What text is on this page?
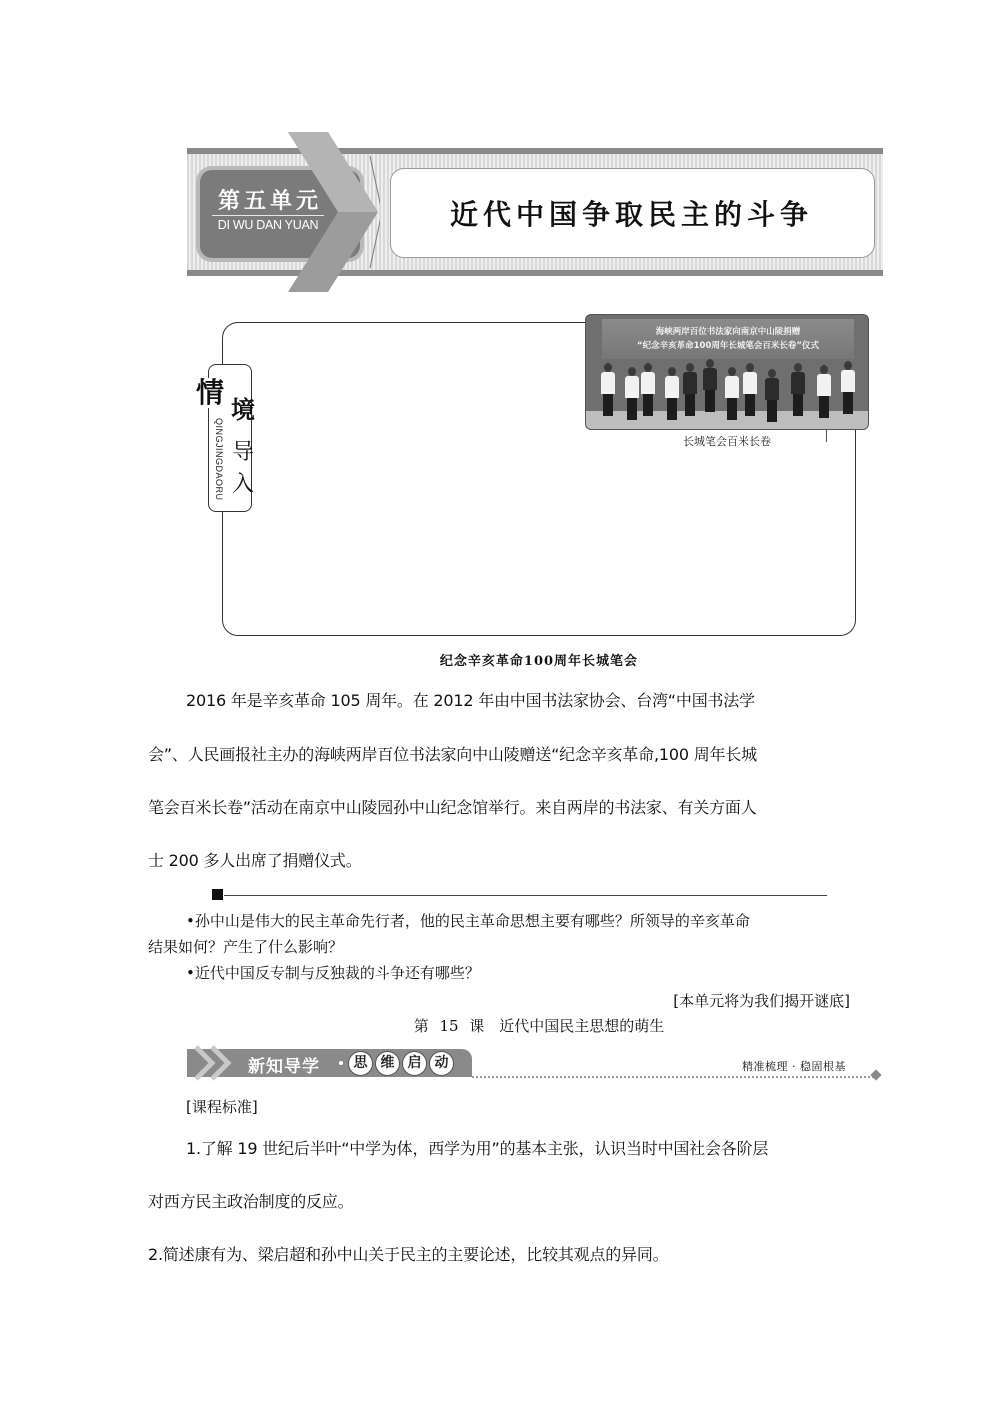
第五单元
DI WU DAN YUAN	近代中国争取民主的斗争
情
境
导
入
QINGJINGDAORU
海峡两岸百位书法家向南京中山陵捐赠
“纪念辛亥革命100周年长城笔会百米长卷”仪式
长城笔会百米长卷
纪念辛亥革命100周年长城笔会
2016 年是辛亥革命 105 周年。在 2012 年由中国书法家协会、台湾“中国书法学
会”、人民画报社主办的海峡两岸百位书法家向中山陵赠送“纪念辛亥革命,100 周年长城
笔会百米长卷”活动在南京中山陵园孙中山纪念馆举行。来自两岸的书法家、有关方面人
士 200 多人出席了捐赠仪式。
•孙中山是伟大的民主革命先行者，他的民主革命思想主要有哪些？所领导的辛亥革命
结果如何？产生了什么影响？
•近代中国反专制与反独裁的斗争还有哪些？
[本单元将为我们揭开谜底]
第 15 课　近代中国民主思想的萌生
新知导学	思 维 启 动	精准梳理 · 稳固根基
[课程标准]
1.了解 19 世纪后半叶“中学为体，西学为用”的基本主张，认识当时中国社会各阶层
对西方民主政治制度的反应。
2.简述康有为、梁启超和孙中山关于民主的主要论述，比较其观点的异同。
